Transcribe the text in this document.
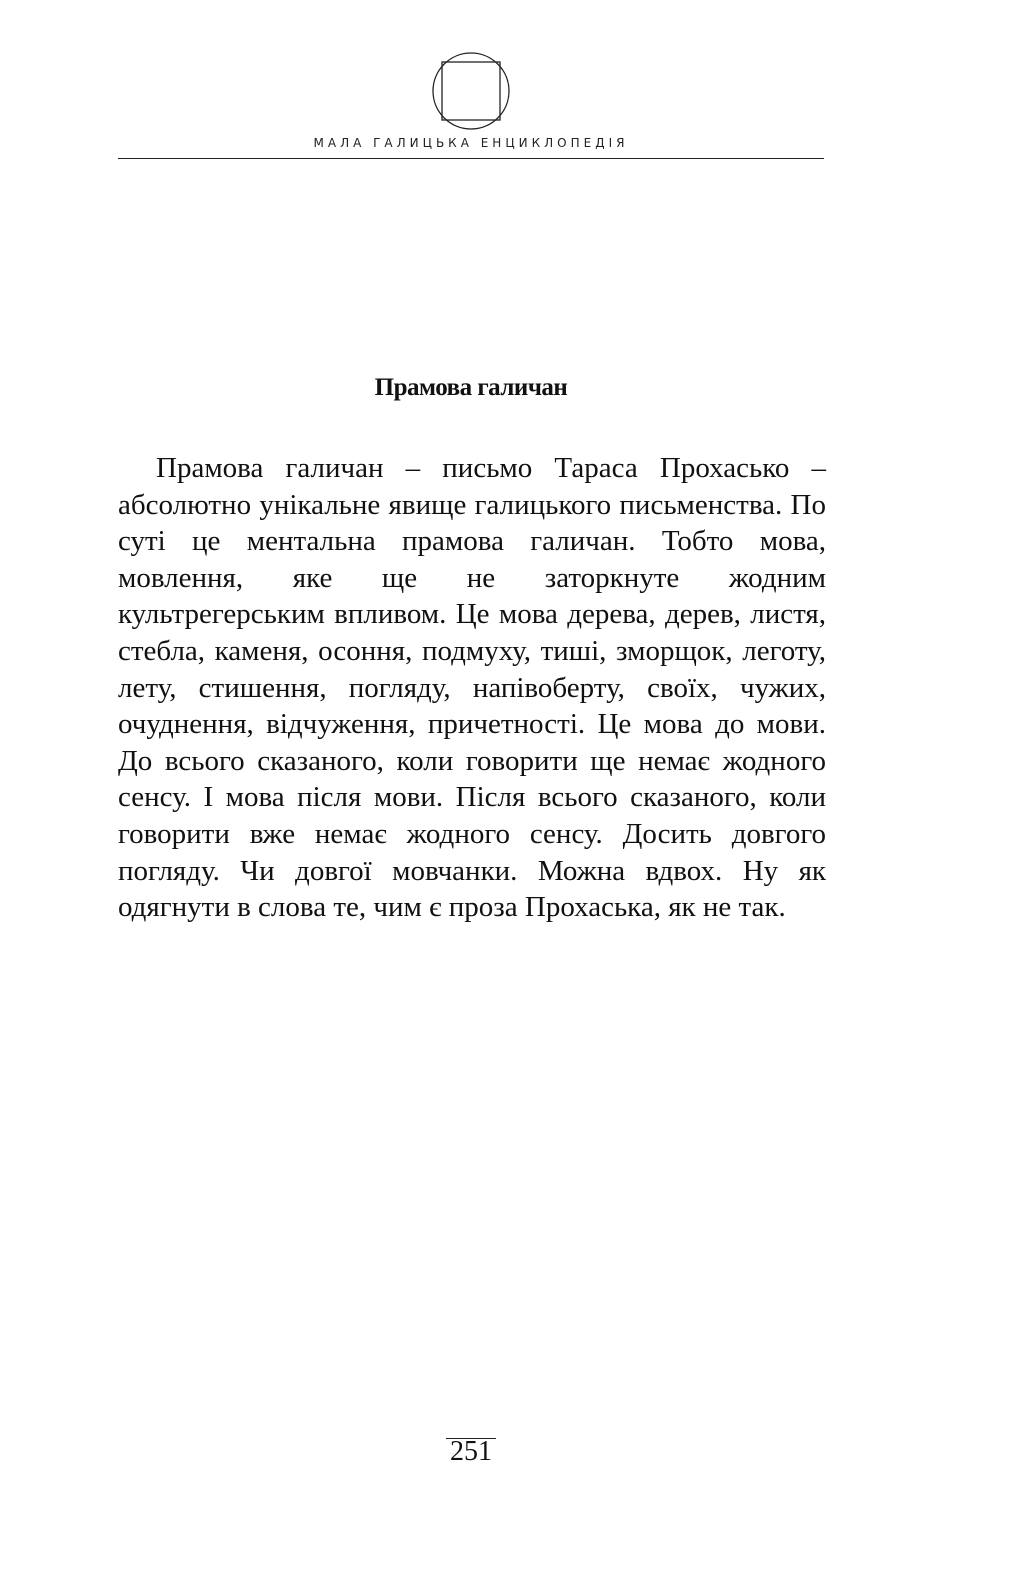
МАЛА ГАЛИЦЬКА ЕНЦИКЛОПЕДІЯ
Прамова галичан

Прамова галичан – письмо Тараса Прохасько – абсолютно унікальне явище галицького письменства. По суті це ментальна прамова галичан. Тобто мова, мовлення, яке ще не заторкнуте жодним культрегерським впливом. Це мова дерева, дерев, листя, стебла, каменя, осоння, подмуху, тиші, зморщок, леготу, лету, стишення, погляду, напівоберту, своїх, чужих, очуднення, відчуження, причетності. Це мова до мови. До всього сказаного, коли говорити ще немає жодного сенсу. І мова після мови. Після всього сказаного, коли говорити вже немає жодного сенсу. Досить довгого погляду. Чи довгої мовчанки. Можна вдвох. Ну як одягнути в слова те, чим є проза Прохаська, як не так.

251
